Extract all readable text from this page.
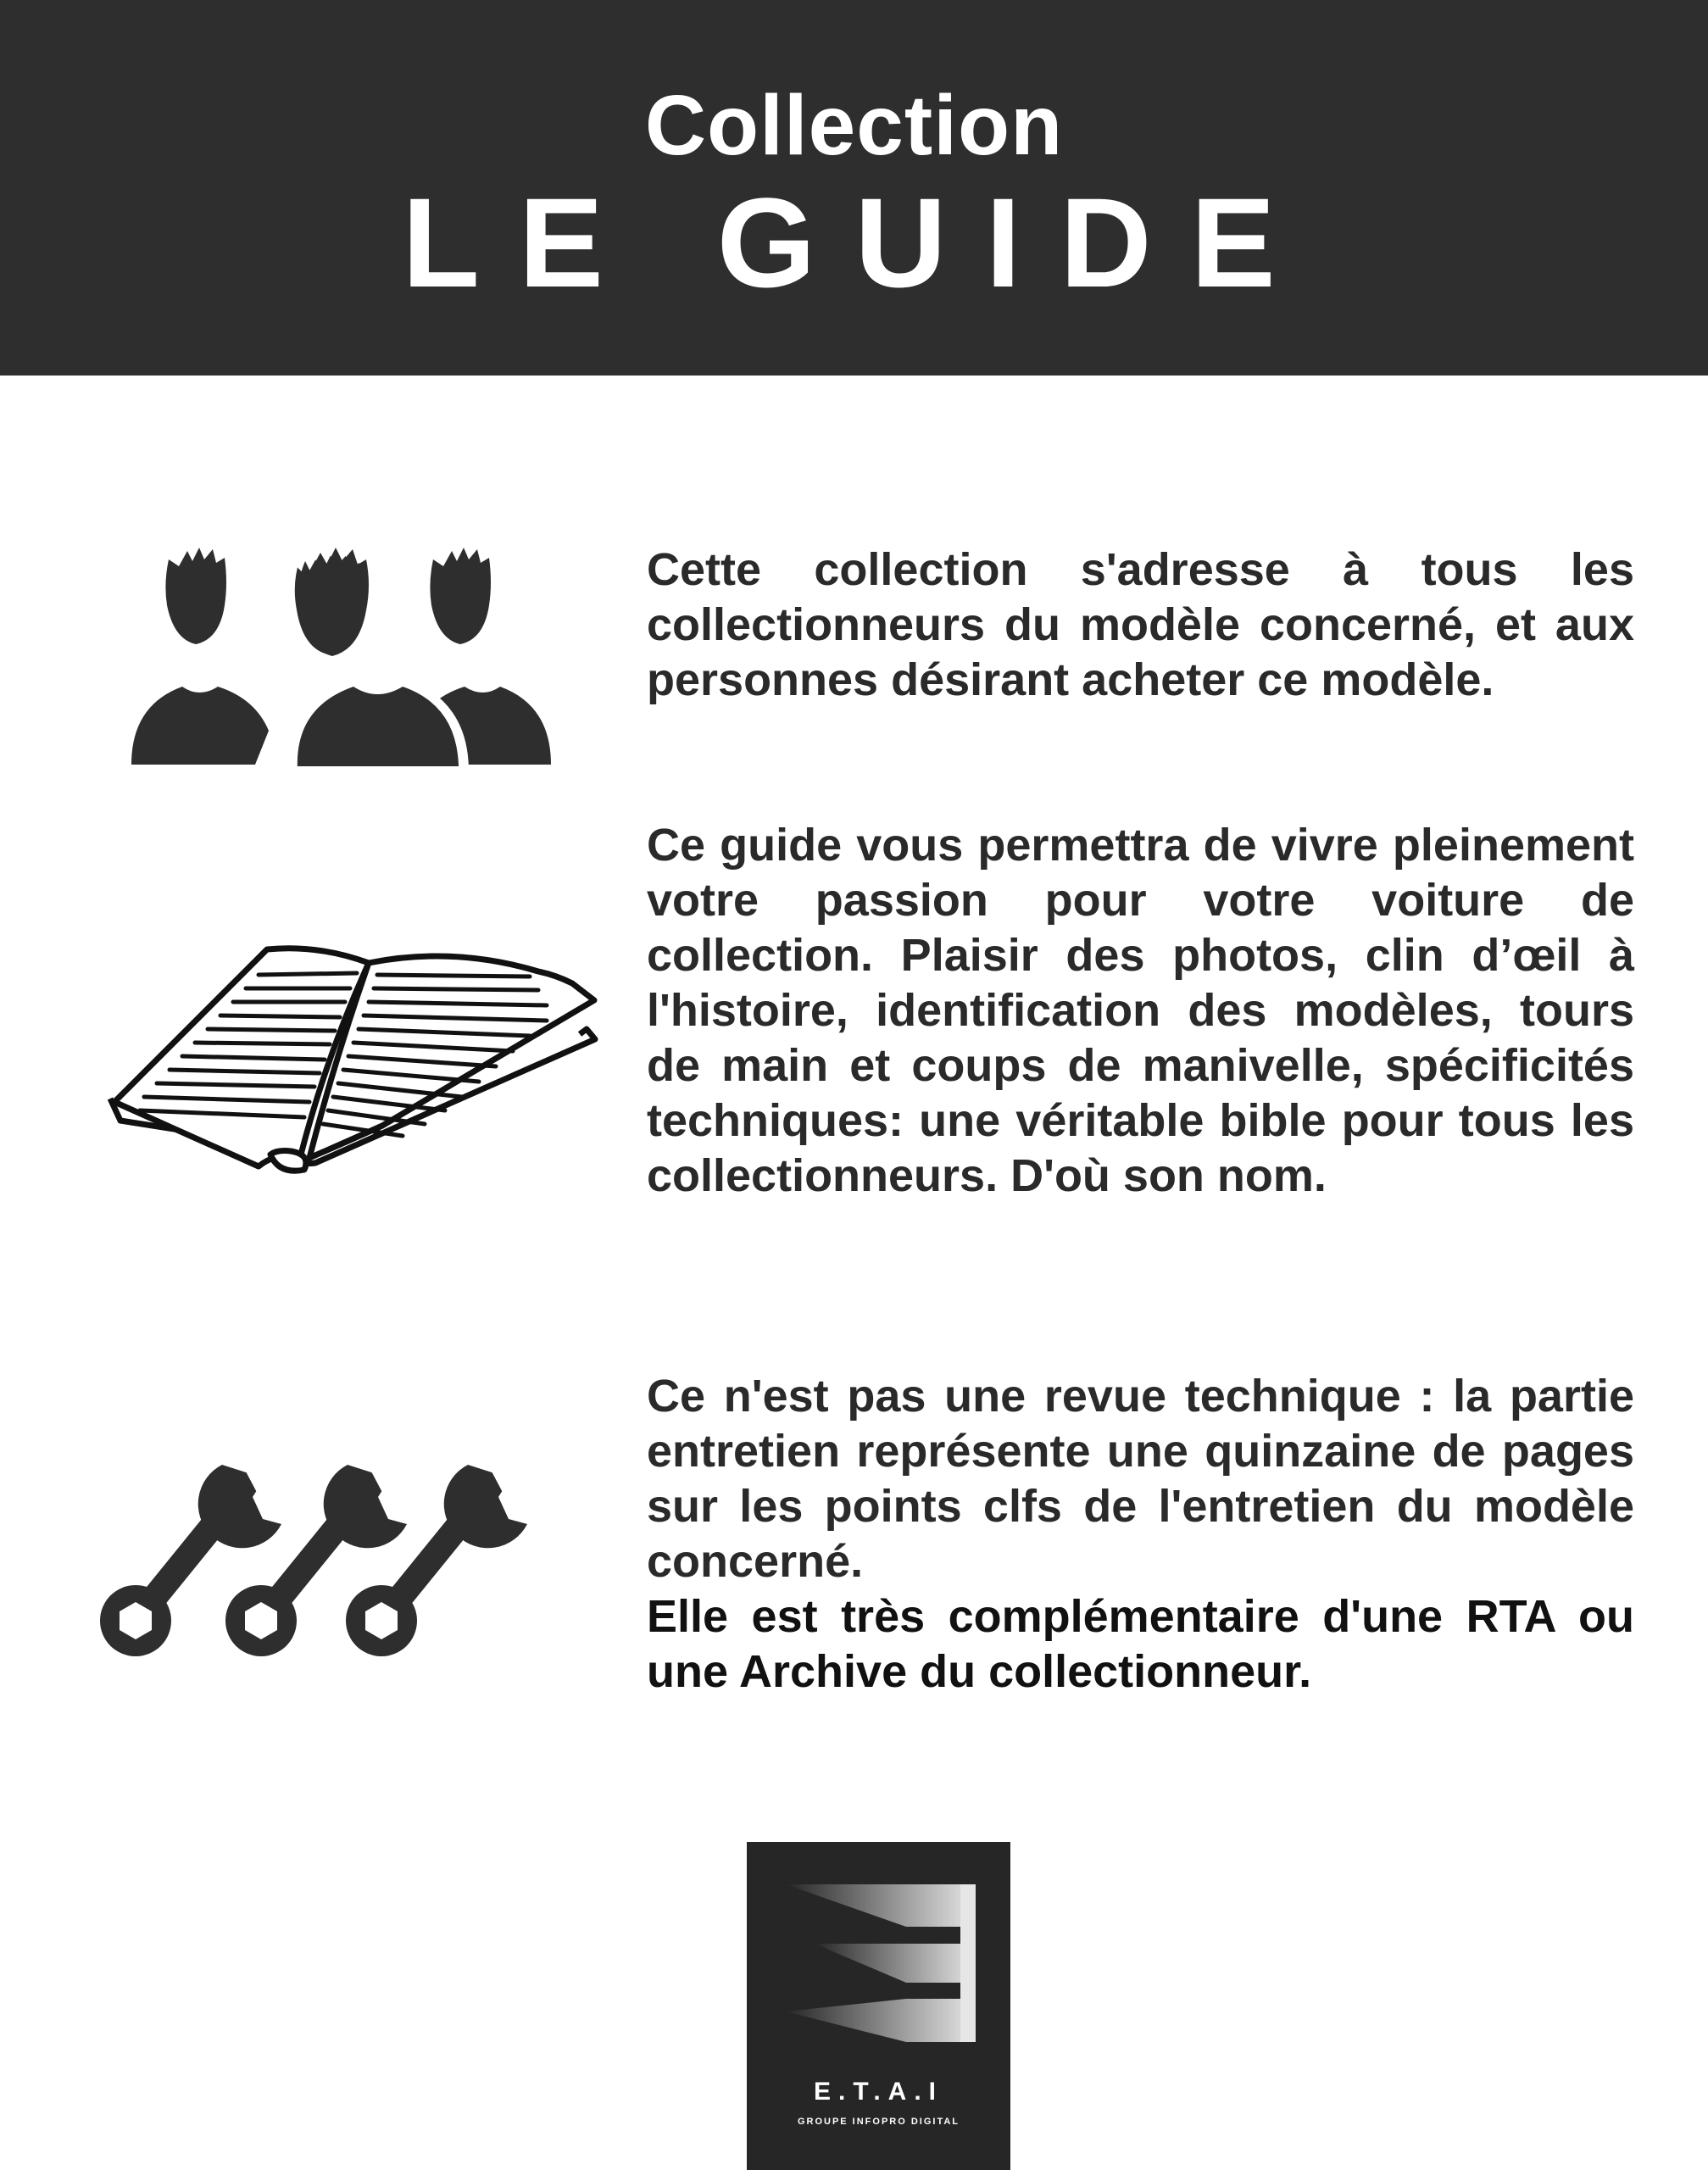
Collection
LE GUIDE

Cette collection s'adresse à tous les collectionneurs du modèle concerné, et aux personnes désirant acheter ce modèle.

Ce guide vous permettra de vivre pleinement votre passion pour votre voiture de collection. Plaisir des photos, clin d’œil à l'histoire, identification des modèles, tours de main et coups de manivelle, spécificités techniques: une véritable bible pour tous les collectionneurs. D'où son nom.

Ce n'est pas une revue technique : la partie entretien représente une quinzaine de pages sur les points clfs de l'entretien du modèle concerné.

Elle est très complémentaire d'une RTA ou une Archive du collectionneur.

E.T.A.I
GROUPE INFOPRO DIGITAL
